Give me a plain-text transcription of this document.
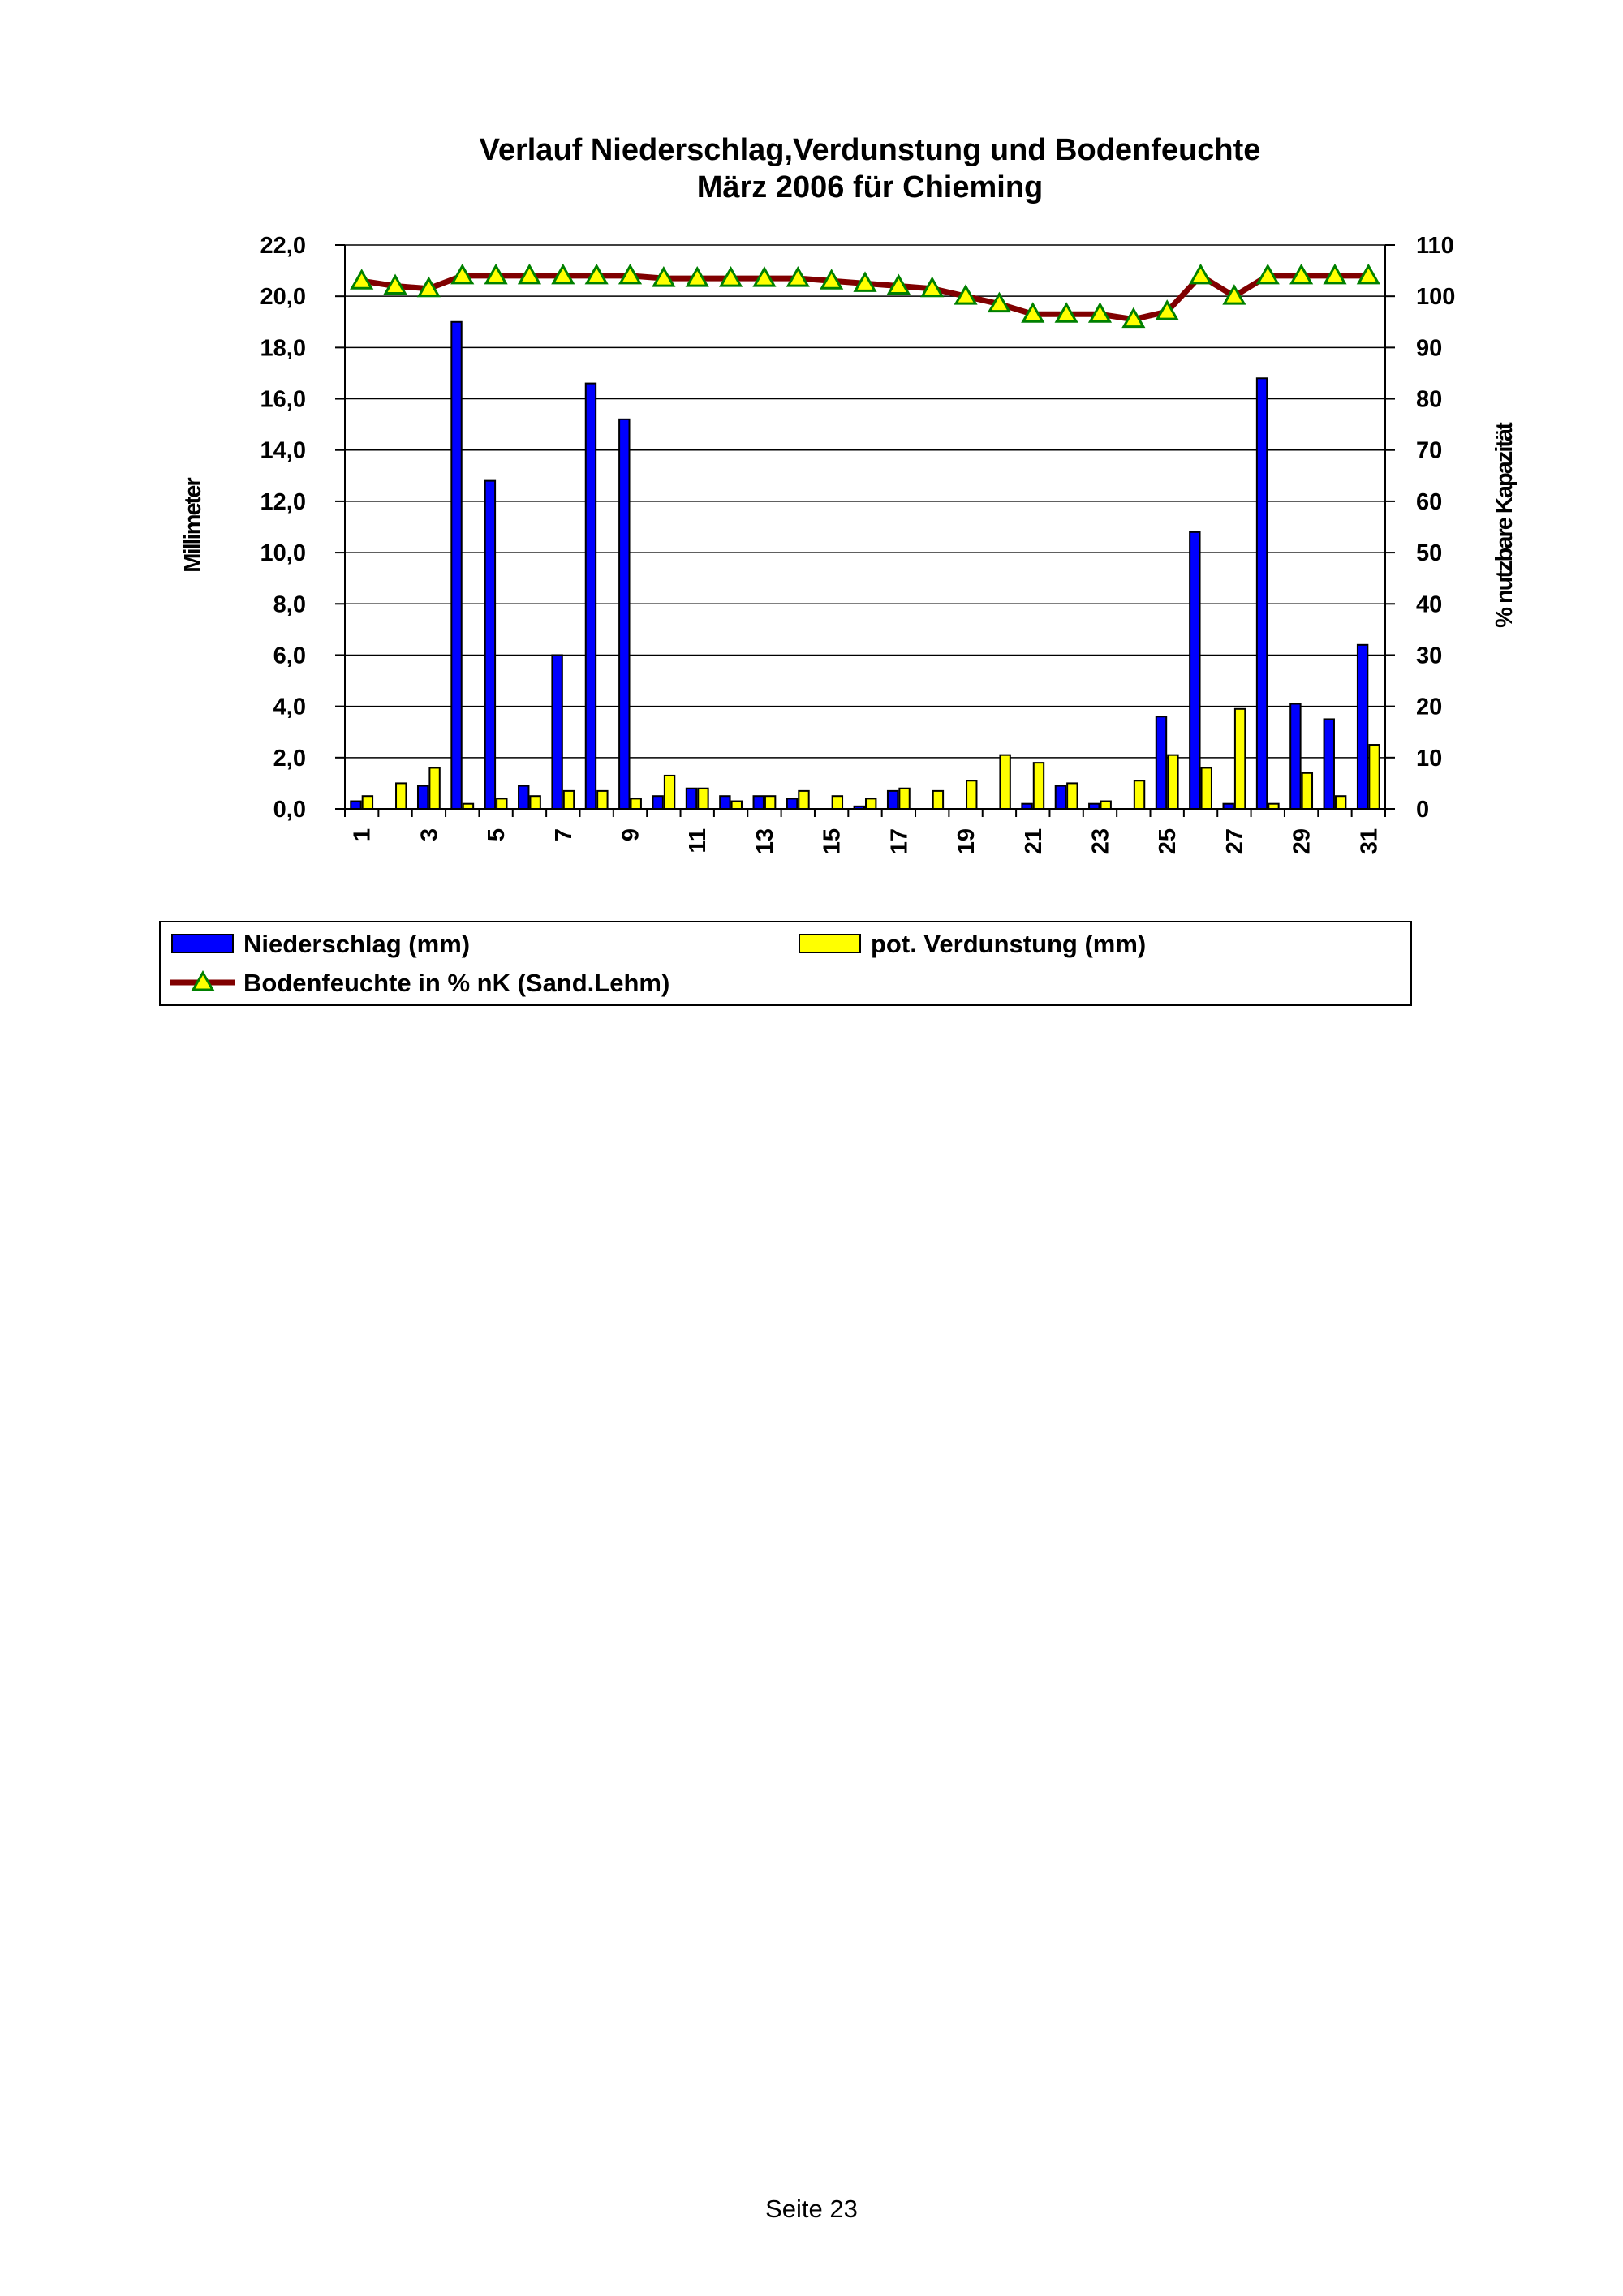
Verlauf Niederschlag,Verdunstung und Bodenfeuchte
März 2006 für Chieming
0,0
2,0
4,0
6,0
8,0
10,0
12,0
14,0
16,0
18,0
20,0
22,0
0
10
20
30
40
50
60
70
80
90
100
110
1 3 5 7 9 11 13 15 17 19 21 23 25 27 29 31
Millimeter	% nutzbare Kapazität
Niederschlag (mm)	pot. Verdunstung (mm)
Bodenfeuchte in % nK (Sand.Lehm)
Seite 23
